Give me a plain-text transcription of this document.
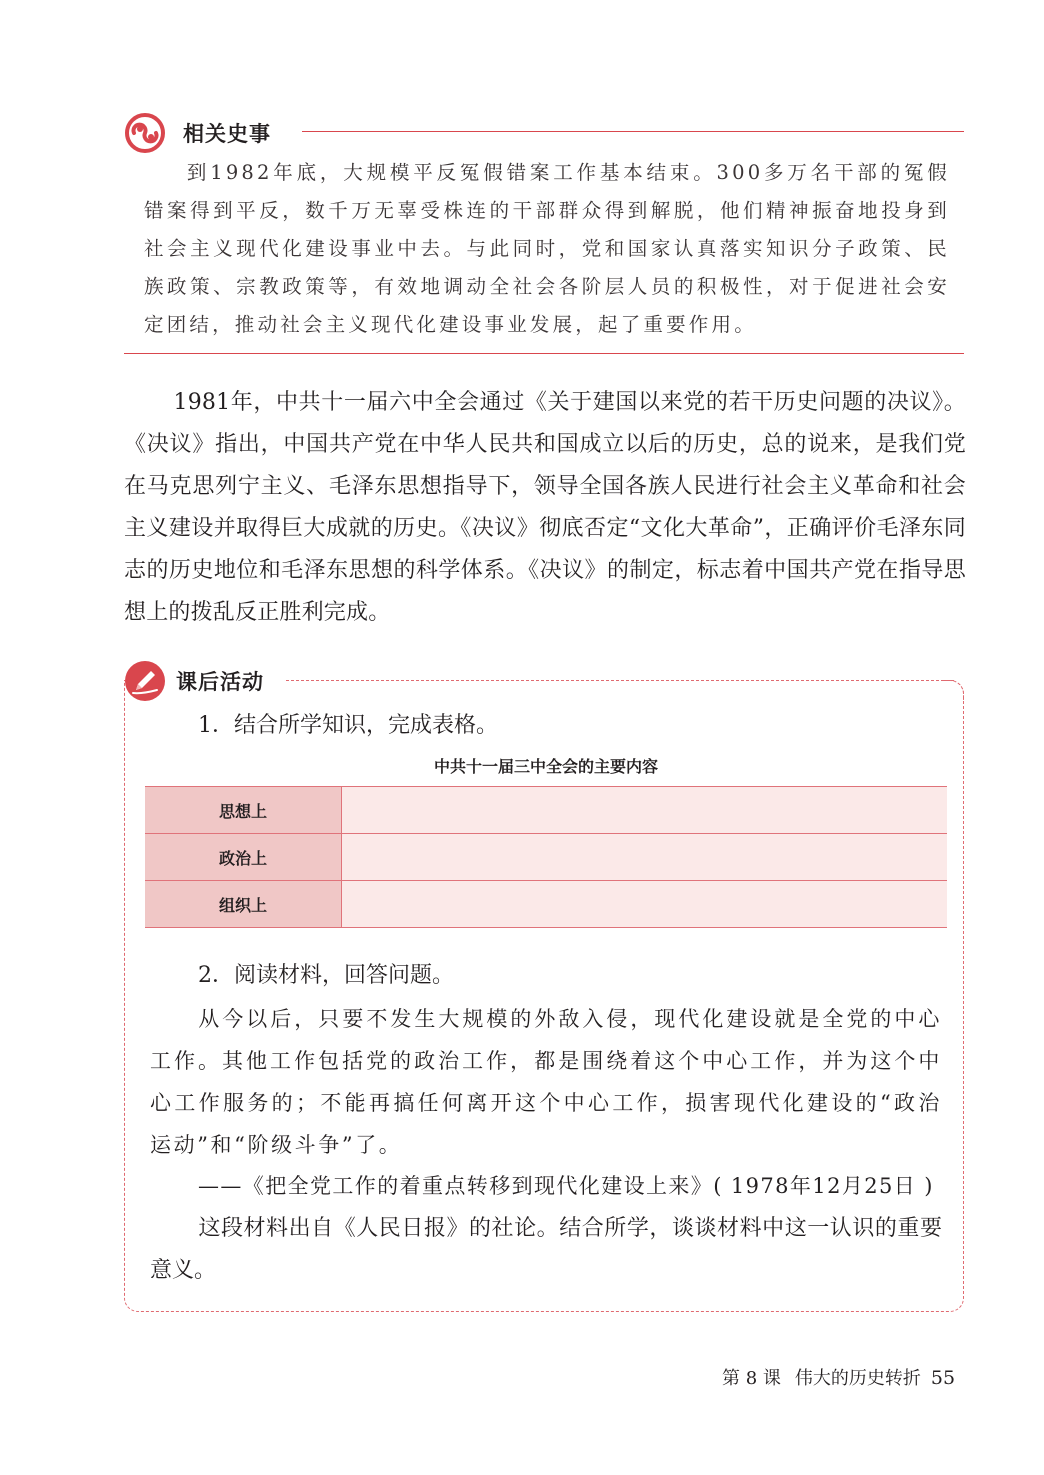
相关史事

到1982年底，大规模平反冤假错案工作基本结束。300多万名干部的冤假错案得到平反，数千万无辜受株连的干部群众得到解脱，他们精神振奋地投身到社会主义现代化建设事业中去。与此同时，党和国家认真落实知识分子政策、民族政策、宗教政策等，有效地调动全社会各阶层人员的积极性，对于促进社会安定团结，推动社会主义现代化建设事业发展，起了重要作用。

1981年，中共十一届六中全会通过《关于建国以来党的若干历史问题的决议》。《决议》指出，中国共产党在中华人民共和国成立以后的历史，总的说来，是我们党在马克思列宁主义、毛泽东思想指导下，领导全国各族人民进行社会主义革命和社会主义建设并取得巨大成就的历史。《决议》彻底否定“文化大革命”，正确评价毛泽东同志的历史地位和毛泽东思想的科学体系。《决议》的制定，标志着中国共产党在指导思想上的拨乱反正胜利完成。

课后活动
1．结合所学知识，完成表格。
中共十一届三中全会的主要内容
思想上	
政治上	
组织上	
2．阅读材料，回答问题。

从今以后，只要不发生大规模的外敌入侵，现代化建设就是全党的中心工作。其他工作包括党的政治工作，都是围绕着这个中心工作，并为这个中心工作服务的；不能再搞任何离开这个中心工作，损害现代化建设的“政治运动”和“阶级斗争”了。

——《把全党工作的着重点转移到现代化建设上来》( 1978年12月25日 )

这段材料出自《人民日报》的社论。结合所学，谈谈材料中这一认识的重要意义。

第 8 课 伟大的历史转折 55
